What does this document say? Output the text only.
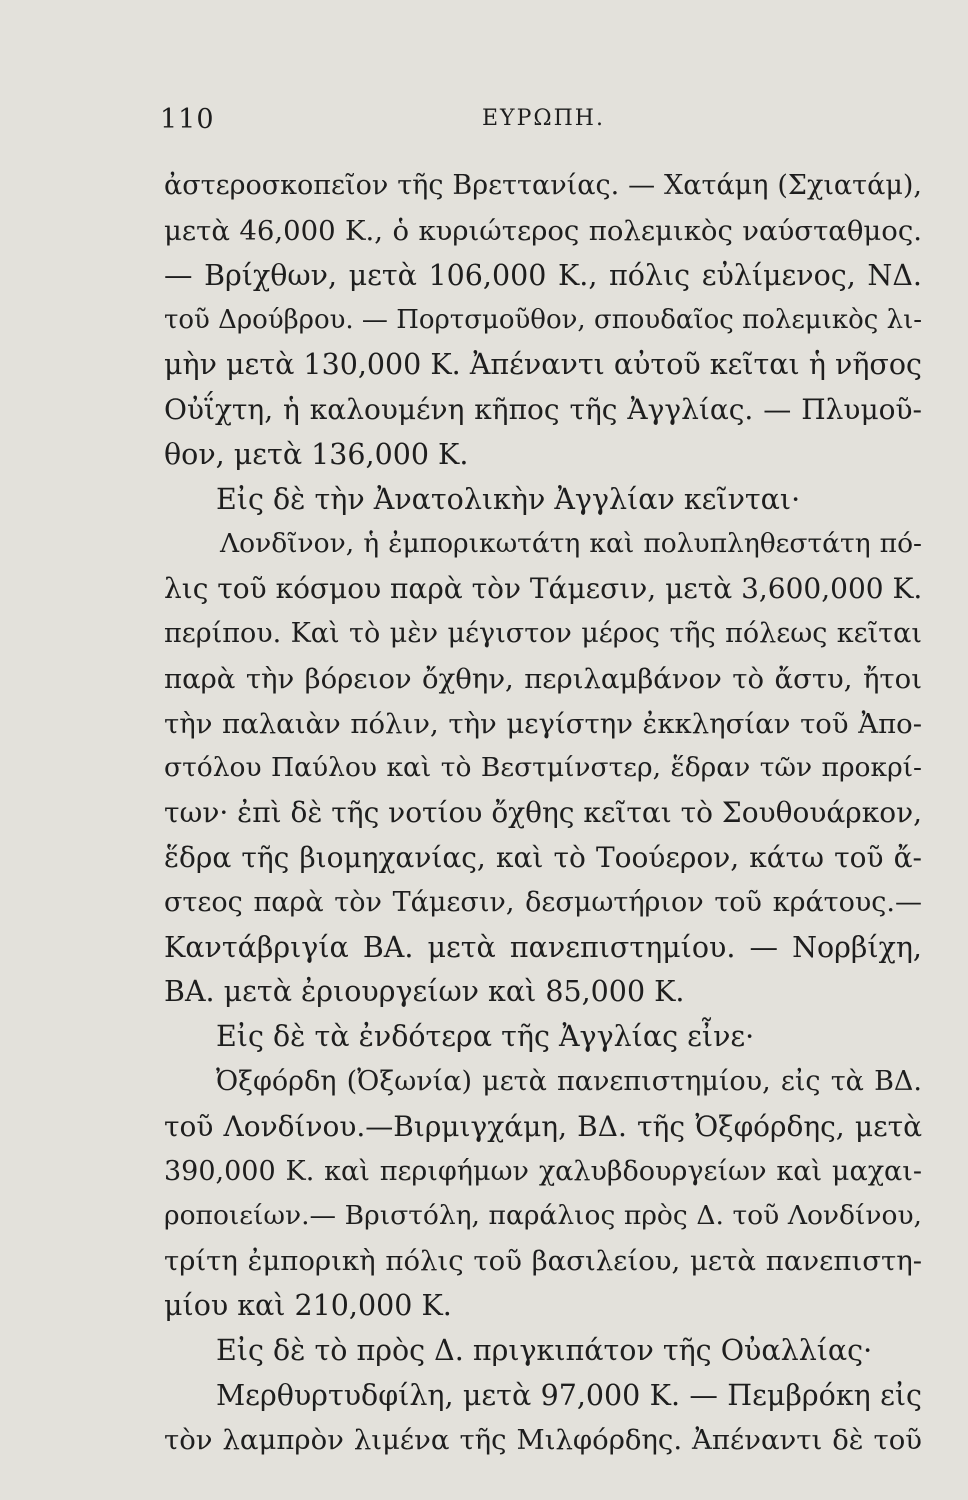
110	ΕΥΡΩΠΗ.
ἀστεροσκοπεῖον τῆς Βρεττανίας. — Χατάμη (Σχιατάμ),
μετὰ 46,000 Κ., ὁ κυριώτερος πολεμικὸς ναύσταθμος.
— Βρίχθων, μετὰ 106,000 Κ., πόλις εὐλίμενος, ΝΔ.
τοῦ Δρούβρου. — Πορτσμοῦθον, σπουδαῖος πολεμικὸς λι-
μὴν μετὰ 130,000 Κ. Ἀπέναντι αὐτοῦ κεῖται ἡ νῆσος
Οὐΐχτη, ἡ καλουμένη κῆπος τῆς Ἀγγλίας. — Πλυμοῦ-
θον, μετὰ 136,000 Κ.
Εἰς δὲ τὴν Ἀνατολικὴν Ἀγγλίαν κεῖνται·
Λονδῖνον, ἡ ἐμπορικωτάτη καὶ πολυπληθεστάτη πό-
λις τοῦ κόσμου παρὰ τὸν Τάμεσιν, μετὰ 3,600,000 Κ.
περίπου. Καὶ τὸ μὲν μέγιστον μέρος τῆς πόλεως κεῖται
παρὰ τὴν βόρειον ὄχθην, περιλαμβάνον τὸ ἄστυ, ἤτοι
τὴν παλαιὰν πόλιν, τὴν μεγίστην ἐκκλησίαν τοῦ Ἀπο-
στόλου Παύλου καὶ τὸ Βεστμίνστερ, ἕδραν τῶν προκρί-
των· ἐπὶ δὲ τῆς νοτίου ὄχθης κεῖται τὸ Σουθουάρκον,
ἕδρα τῆς βιομηχανίας, καὶ τὸ Τοούερον, κάτω τοῦ ἄ-
στεος παρὰ τὸν Τάμεσιν, δεσμωτήριον τοῦ κράτους.—
Καντάβριγία ΒΑ. μετὰ πανεπιστημίου. — Νορβίχη,
ΒΑ. μετὰ ἐριουργείων καὶ 85,000 Κ.
Εἰς δὲ τὰ ἐνδότερα τῆς Ἀγγλίας εἶνε·
Ὀξφόρδη (Ὀξωνία) μετὰ πανεπιστημίου, εἰς τὰ ΒΔ.
τοῦ Λονδίνου.—Βιρμιγχάμη, ΒΔ. τῆς Ὀξφόρδης, μετὰ
390,000 Κ. καὶ περιφήμων χαλυβδουργείων καὶ μαχαι-
ροποιείων.— Βριστόλη, παράλιος πρὸς Δ. τοῦ Λονδίνου,
τρίτη ἐμπορικὴ πόλις τοῦ βασιλείου, μετὰ πανεπιστη-
μίου καὶ 210,000 Κ.
Εἰς δὲ τὸ πρὸς Δ. πριγκιπάτον τῆς Οὐαλλίας·
Μερθυρτυδφίλη, μετὰ 97,000 Κ. — Πεμβρόκη εἰς
τὸν λαμπρὸν λιμένα τῆς Μιλφόρδης. Ἀπέναντι δὲ τοῦ
